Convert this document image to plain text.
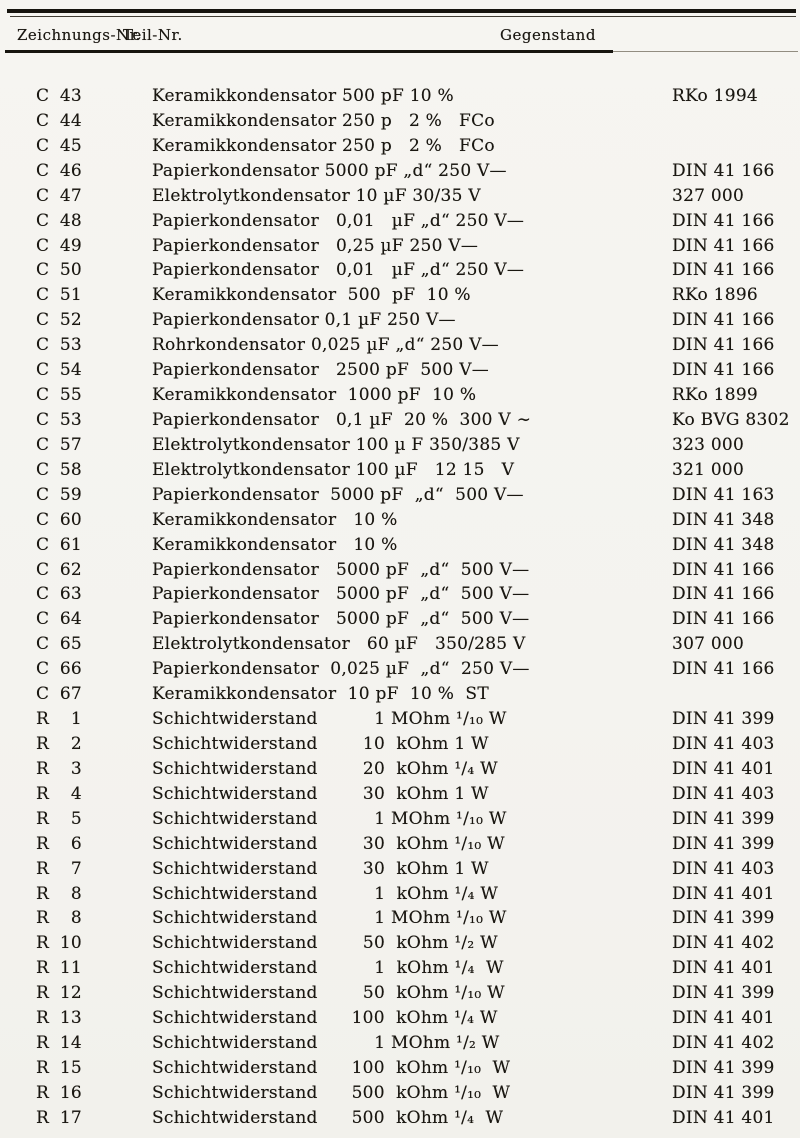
Zeichnungs-Nr.
Teil-Nr.	Gegenstand
C 43	Keramikkondensator 500 pF 10 %	RKo 1994
C 44	Keramikkondensator 250 p   2 %   FCo
C 45	Keramikkondensator 250 p   2 %   FCo
C 46	Papierkondensator 5000 pF „d“ 250 V—	DIN 41 166
C 47	Elektrolytkondensator 10 µF 30/35 V	327 000
C 48	Papierkondensator   0,01   µF „d“ 250 V—	DIN 41 166
C 49	Papierkondensator   0,25 µF 250 V—	DIN 41 166
C 50	Papierkondensator   0,01   µF „d“ 250 V—	DIN 41 166
C 51	Keramikkondensator  500  pF  10 %	RKo 1896
C 52	Papierkondensator 0,1 µF 250 V—	DIN 41 166
C 53	Rohrkondensator 0,025 µF „d“ 250 V—	DIN 41 166
C 54	Papierkondensator   2500 pF  500 V—	DIN 41 166
C 55	Keramikkondensator  1000 pF  10 %	RKo 1899
C 53	Papierkondensator   0,1 µF  20 %  300 V ∼	Ko BVG 8302
C 57	Elektrolytkondensator 100 µ F 350/385 V	323 000
C 58	Elektrolytkondensator 100 µF   12 15   V	321 000
C 59	Papierkondensator  5000 pF  „d“  500 V—	DIN 41 163
C 60	Keramikkondensator   10 %	DIN 41 348
C 61	Keramikkondensator   10 %	DIN 41 348
C 62	Papierkondensator   5000 pF  „d“  500 V—	DIN 41 166
C 63	Papierkondensator   5000 pF  „d“  500 V—	DIN 41 166
C 64	Papierkondensator   5000 pF  „d“  500 V—	DIN 41 166
C 65	Elektrolytkondensator   60 µF   350/285 V	307 000
C 66	Papierkondensator  0,025 µF  „d“  250 V—	DIN 41 166
C 67	Keramikkondensator  10 pF  10 %  ST
R	1	Schichtwiderstand          1 MOhm ¹/₁₀ W	DIN 41 399
R	2	Schichtwiderstand        10  kOhm 1 W	DIN 41 403
R	3	Schichtwiderstand        20  kOhm ¹/₄ W	DIN 41 401
R	4	Schichtwiderstand        30  kOhm 1 W	DIN 41 403
R	5	Schichtwiderstand          1 MOhm ¹/₁₀ W	DIN 41 399
R	6	Schichtwiderstand        30  kOhm ¹/₁₀ W	DIN 41 399
R	7	Schichtwiderstand        30  kOhm 1 W	DIN 41 403
R	8	Schichtwiderstand          1  kOhm ¹/₄ W	DIN 41 401
R	8	Schichtwiderstand          1 MOhm ¹/₁₀ W	DIN 41 399
R 10	Schichtwiderstand        50  kOhm ¹/₂ W	DIN 41 402
R 11	Schichtwiderstand          1  kOhm ¹/₄  W	DIN 41 401
R 12	Schichtwiderstand        50  kOhm ¹/₁₀ W	DIN 41 399
R 13	Schichtwiderstand      100  kOhm ¹/₄ W	DIN 41 401
R 14	Schichtwiderstand          1 MOhm ¹/₂ W	DIN 41 402
R 15	Schichtwiderstand      100  kOhm ¹/₁₀  W	DIN 41 399
R 16	Schichtwiderstand      500  kOhm ¹/₁₀  W	DIN 41 399
R 17	Schichtwiderstand      500  kOhm ¹/₄  W	DIN 41 401
